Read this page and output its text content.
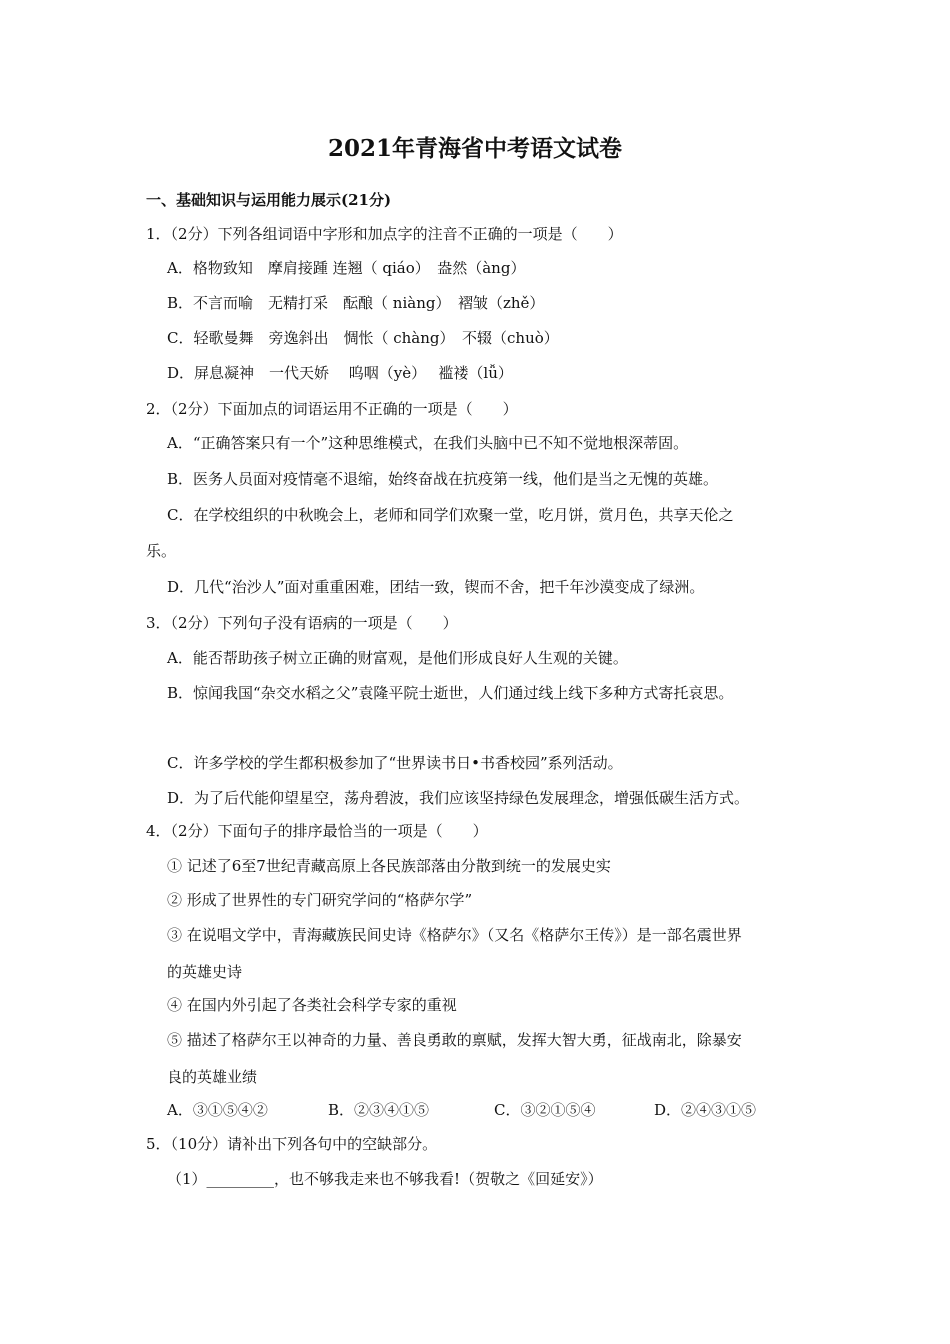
2021年青海省中考语文试卷
一、基础知识与运用能力展示(21分)
1．（2分）下列各组词语中字形和加点字的注音不正确的一项是（　　）
A．格物致知　摩肩接踵 连翘（ qiáo）　盎然（àng）
B．不言而喻　无精打采　酝酿（ niàng）　褶皱（zhě）
C．轻歌曼舞　旁逸斜出　惆怅（ chàng）　不辍（chuò）
D．屏息凝神　一代天娇　 呜咽（yè）　 褴褛（lǚ）
2．（2分）下面加点的词语运用不正确的一项是（　　）
A．“正确答案只有一个”这种思维模式，在我们头脑中已不知不觉地根深蒂固。
B．医务人员面对疫情毫不退缩，始终奋战在抗疫第一线，他们是当之无愧的英雄。
C．在学校组织的中秋晚会上，老师和同学们欢聚一堂，吃月饼，赏月色，共享天伦之
乐。
D．几代“治沙人”面对重重困难，团结一致，锲而不舍，把千年沙漠变成了绿洲。
3．（2分）下列句子没有语病的一项是（　　）
A．能否帮助孩子树立正确的财富观，是他们形成良好人生观的关键。
B．惊闻我国“杂交水稻之父”袁隆平院士逝世，人们通过线上线下多种方式寄托哀思。
C．许多学校的学生都积极参加了“世界读书日•书香校园”系列活动。
D．为了后代能仰望星空，荡舟碧波，我们应该坚持绿色发展理念，增强低碳生活方式。
4．（2分）下面句子的排序最恰当的一项是（　　）
① 记述了6至7世纪青藏高原上各民族部落由分散到统一的发展史实
② 形成了世界性的专门研究学问的“格萨尔学”
③ 在说唱文学中，青海藏族民间史诗《格萨尔》（又名《格萨尔王传》）是一部名震世界
的英雄史诗
④ 在国内外引起了各类社会科学专家的重视
⑤ 描述了格萨尔王以神奇的力量、善良勇敢的禀赋，发挥大智大勇，征战南北，除暴安
良的英雄业绩
A．③①⑤④②	B．②③④①⑤	C．③②①⑤④	D．②④③①⑤
5．（10分）请补出下列各句中的空缺部分。
（1）_________，也不够我走来也不够我看!（贺敬之《回延安》）
